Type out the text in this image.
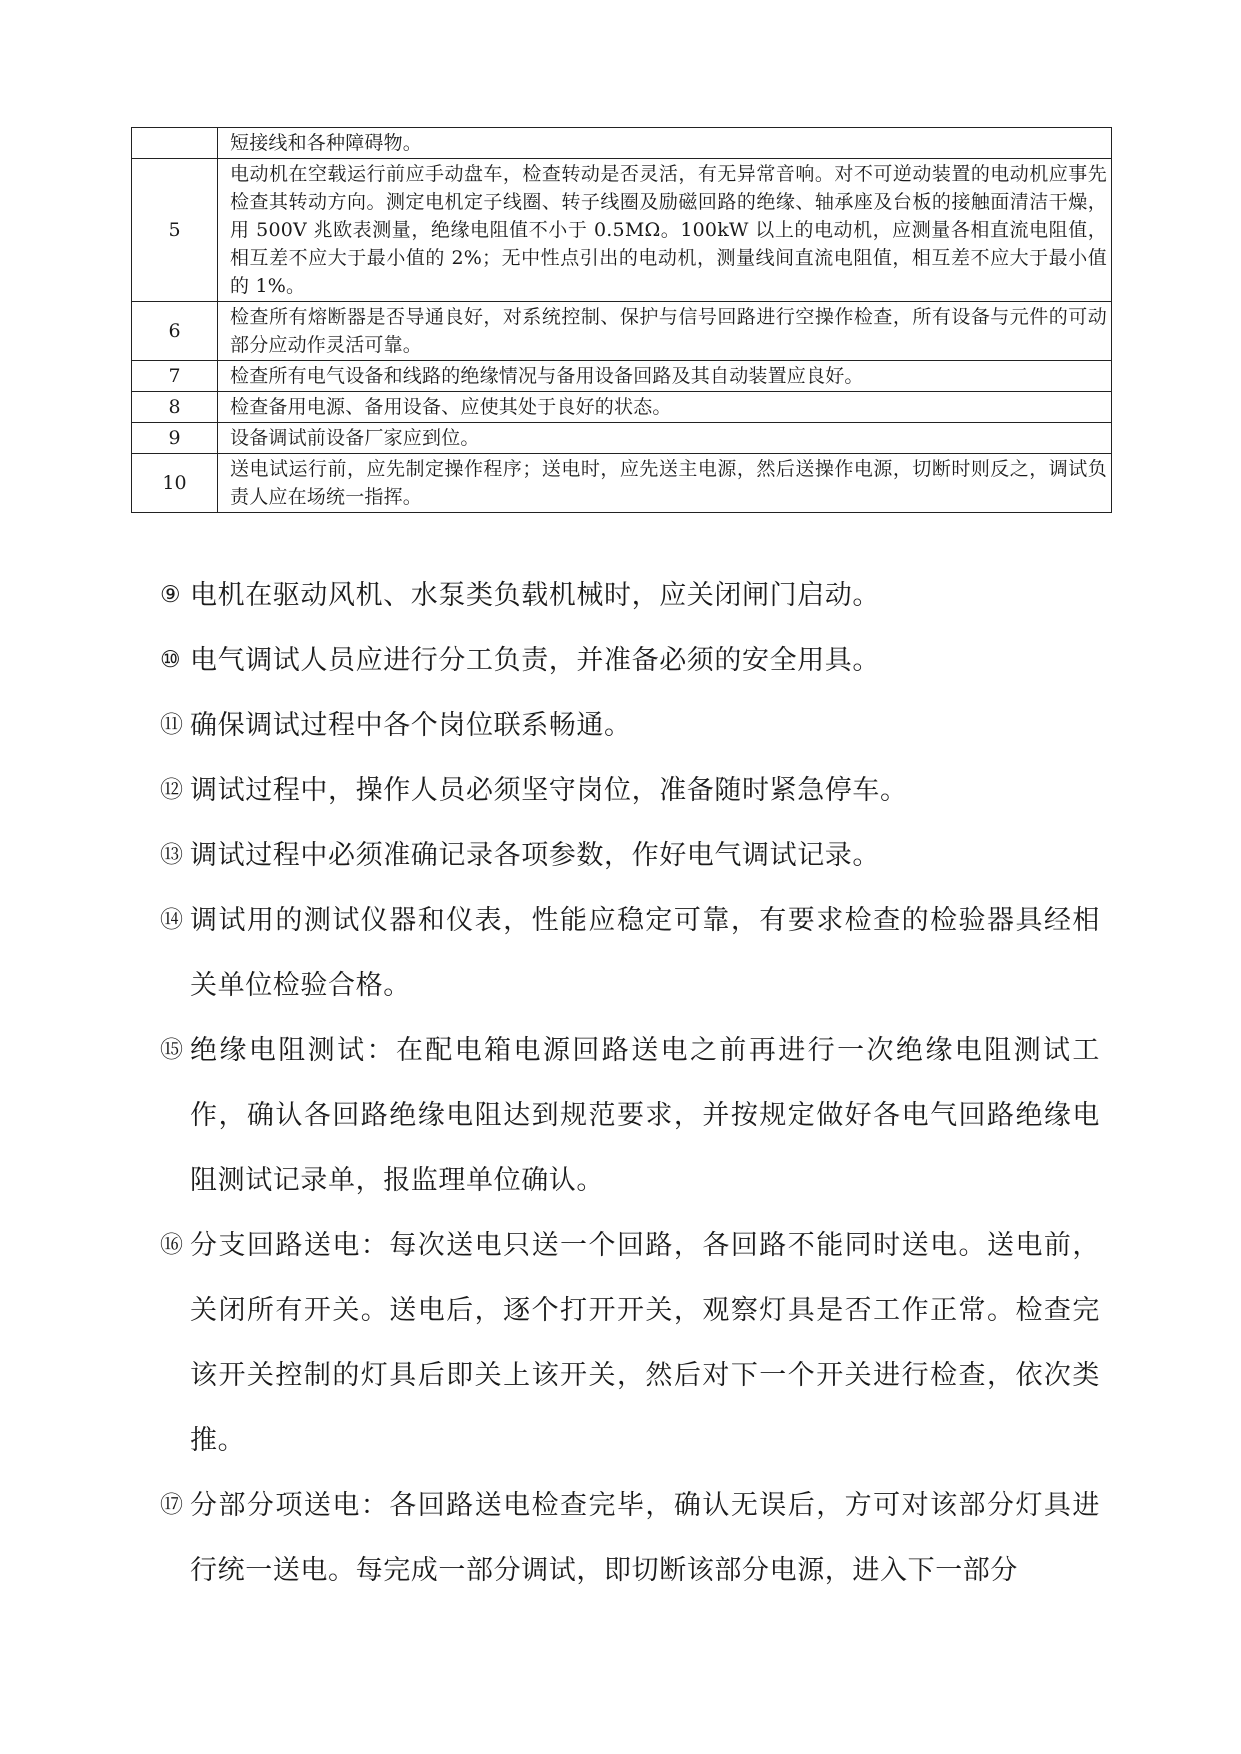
	短接线和各种障碍物。
5	电动机在空载运行前应手动盘车，检查转动是否灵活，有无异常音响。对不可逆动装置的电动机应事先检查其转动方向。测定电机定子线圈、转子线圈及励磁回路的绝缘、轴承座及台板的接触面清洁干燥，用 500V 兆欧表测量，绝缘电阻值不小于 0.5MΩ。100kW 以上的电动机，应测量各相直流电阻值，相互差不应大于最小值的 2%；无中性点引出的电动机，测量线间直流电阻值，相互差不应大于最小值的 1%。
6	检查所有熔断器是否导通良好，对系统控制、保护与信号回路进行空操作检查，所有设备与元件的可动部分应动作灵活可靠。
7	检查所有电气设备和线路的绝缘情况与备用设备回路及其自动装置应良好。
8	检查备用电源、备用设备、应使其处于良好的状态。
9	设备调试前设备厂家应到位。
10	送电试运行前，应先制定操作程序；送电时，应先送主电源，然后送操作电源，切断时则反之，调试负责人应在场统一指挥。
⑨ 电机在驱动风机、水泵类负载机械时，应关闭闸门启动。
⑩ 电气调试人员应进行分工负责，并准备必须的安全用具。
⑪ 确保调试过程中各个岗位联系畅通。
⑫ 调试过程中，操作人员必须坚守岗位，准备随时紧急停车。
⑬ 调试过程中必须准确记录各项参数，作好电气调试记录。
⑭ 调试用的测试仪器和仪表，性能应稳定可靠，有要求检查的检验器具经相关单位检验合格。
⑮ 绝缘电阻测试：在配电箱电源回路送电之前再进行一次绝缘电阻测试工作，确认各回路绝缘电阻达到规范要求，并按规定做好各电气回路绝缘电阻测试记录单，报监理单位确认。
⑯ 分支回路送电：每次送电只送一个回路，各回路不能同时送电。送电前，关闭所有开关。送电后，逐个打开开关，观察灯具是否工作正常。检查完该开关控制的灯具后即关上该开关，然后对下一个开关进行检查，依次类推。
⑰ 分部分项送电：各回路送电检查完毕，确认无误后，方可对该部分灯具进行统一送电。每完成一部分调试，即切断该部分电源，进入下一部分
